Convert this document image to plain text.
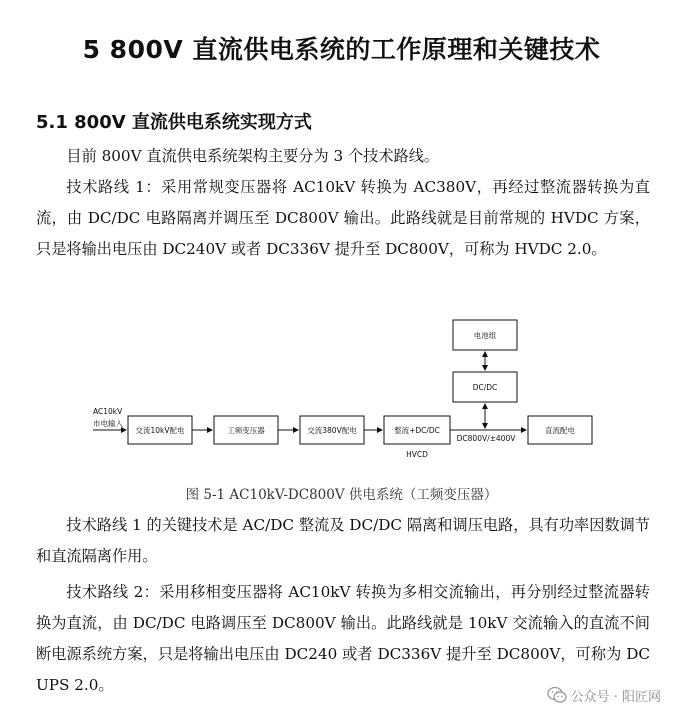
5 800V 直流供电系统的工作原理和关键技术
5.1 800V 直流供电系统实现方式

目前 800V 直流供电系统架构主要分为 3 个技术路线。

技术路线 1：采用常规变压器将 AC10kV 转换为 AC380V，再经过整流器转换为直流，由 DC/DC 电路隔离并调压至 DC800V 输出。此路线就是目前常规的 HVDC 方案，只是将输出电压由 DC240V 或者 DC336V 提升至 DC800V，可称为 HVDC 2.0。

AC10kV
市电输入
交流10kV配电	工频变压器	交流380V配电	整流+DC/DC
HVCD
DC800V/±400V
直流配电
DC/DC
电池组
图 5-1 AC10kV-DC800V 供电系统（工频变压器）

技术路线 1 的关键技术是 AC/DC 整流及 DC/DC 隔离和调压电路，具有功率因数调节和直流隔离作用。

技术路线 2：采用移相变压器将 AC10kV 转换为多相交流输出，再分别经过整流器转换为直流，由 DC/DC 电路调压至 DC800V 输出。此路线就是 10kV 交流输入的直流不间断电源系统方案，只是将输出电压由 DC240 或者 DC336V 提升至 DC800V，可称为 DC UPS 2.0。

公众号 · 阳匠网
